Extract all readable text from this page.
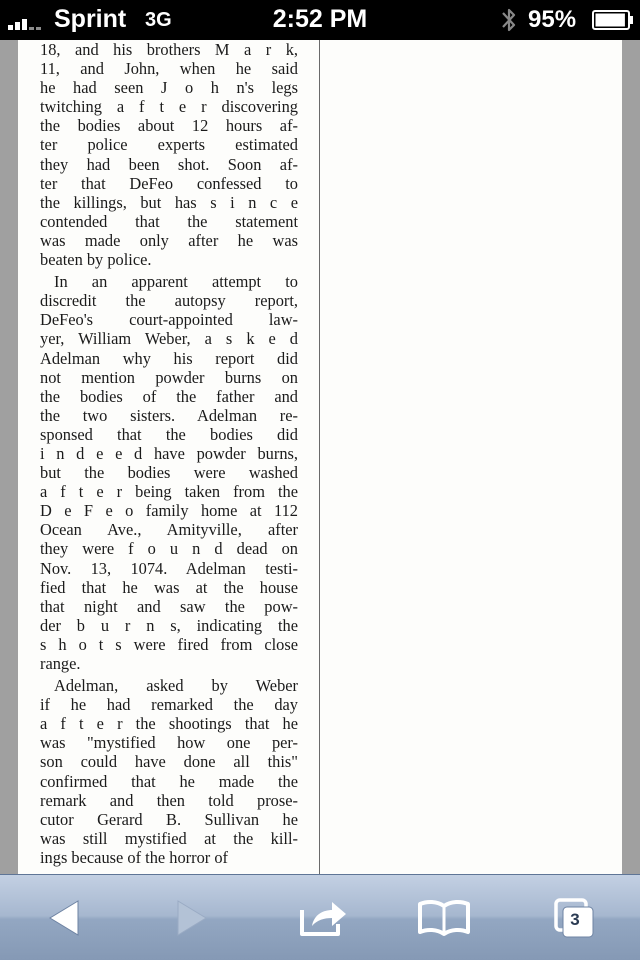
Sprint 3G	2:52 PM	95%

18, and his brothers M a r k,
11, and John, when he said
he had seen J o h n's legs
twitching a f t e r discovering
the bodies about 12 hours af-
ter police experts estimated
they had been shot. Soon af-
ter that DeFeo confessed to
the killings, but has s i n c e
contended that the statement
was made only after he was
beaten by police.

In an apparent attempt to
discredit the autopsy report,
DeFeo's court-appointed law-
yer, William Weber, a s k e d
Adelman why his report did
not mention powder burns on
the bodies of the father and
the two sisters. Adelman re-
sponsed that the bodies did
i n d e e d have powder burns,
but the bodies were washed
a f t e r being taken from the
D e F e o family home at 112
Ocean Ave., Amityville, after
they were f o u n d dead on
Nov. 13, 1074. Adelman testi-
fied that he was at the house
that night and saw the pow-
der b u r n s, indicating the
s h o t s were fired from close
range.

Adelman, asked by Weber
if he had remarked the day
a f t e r the shootings that he
was "mystified how one per-
son could have done all this"
confirmed that he made the
remark and then told prose-
cutor Gerard B. Sullivan he
was still mystified at the kill-
ings because of the horror of

3
